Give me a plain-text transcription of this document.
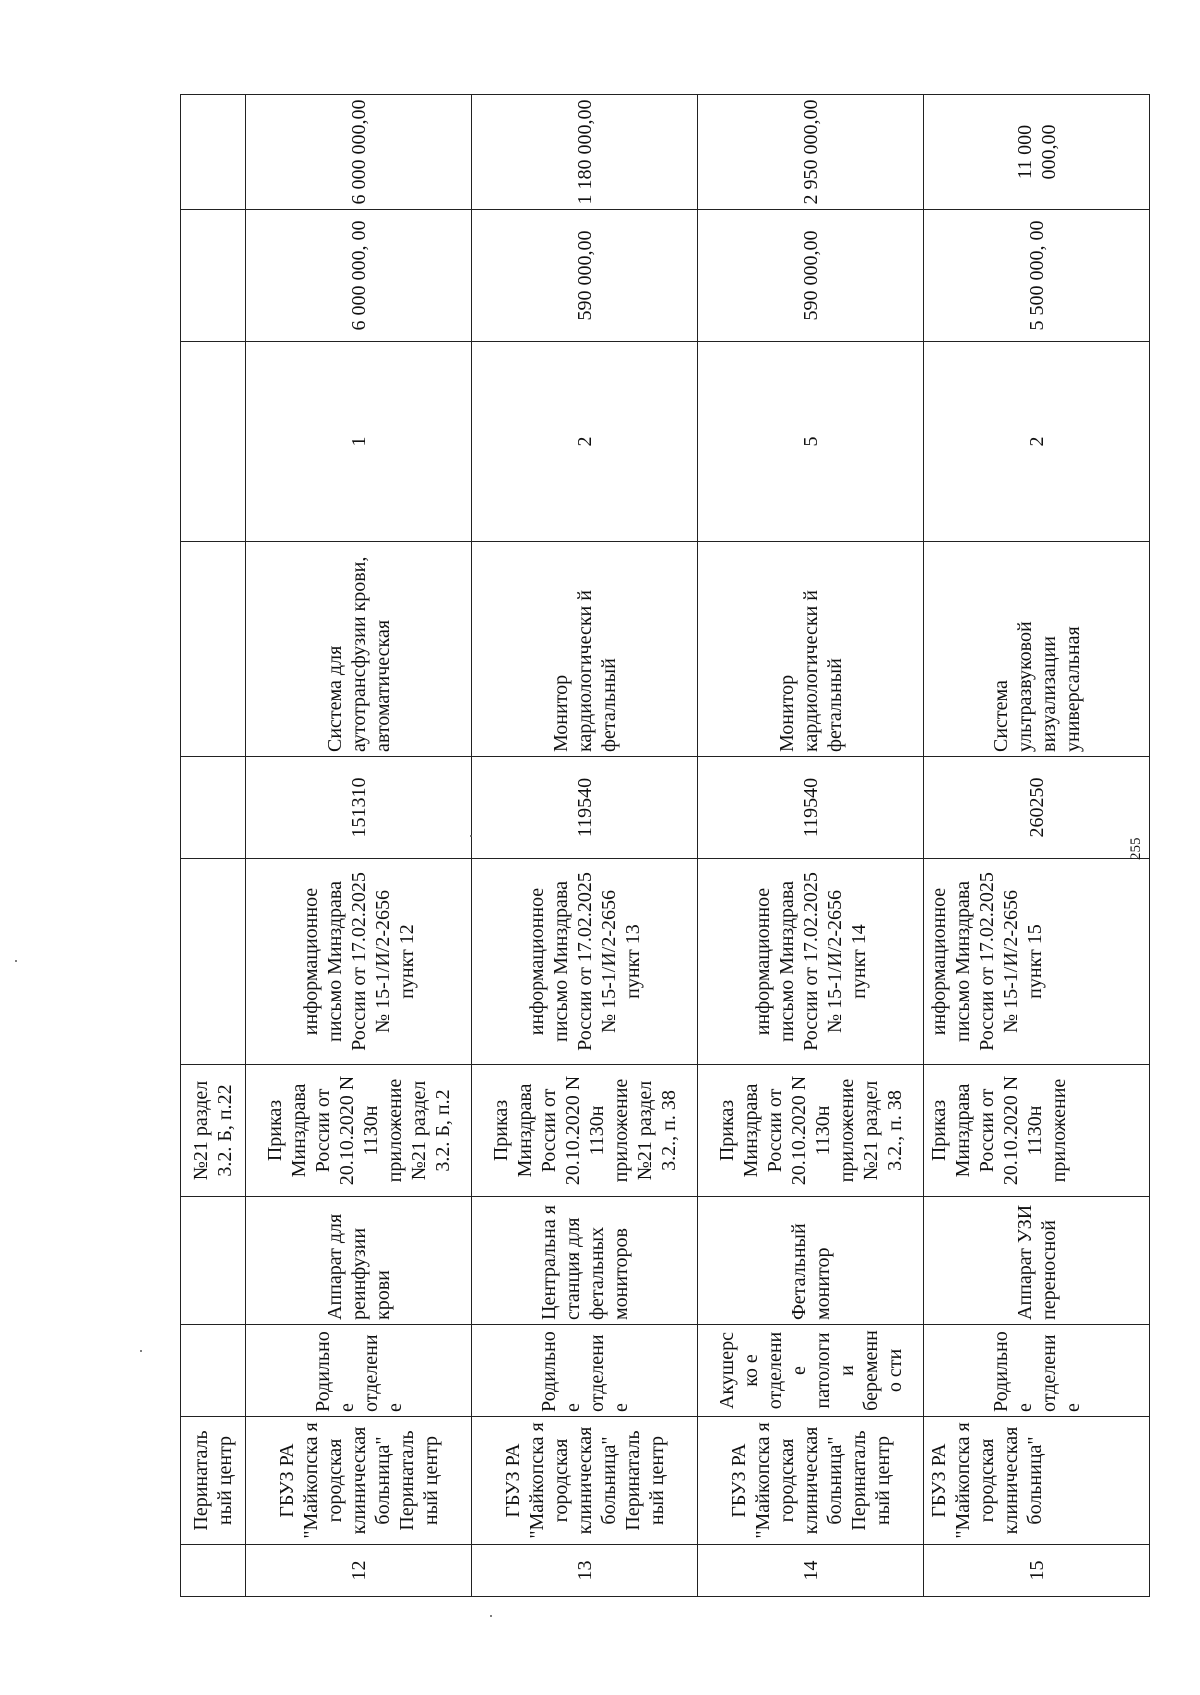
	Перинаталь ный центр			№21 раздел 3.2. Б, п.22						
12	ГБУЗ РА "Майкопска я городская клиническая больница" Перинаталь ный центр	Родильное отделение	Аппарат для реинфузии крови	Приказ Минздрава России от 20.10.2020 N 1130н приложение №21 раздел 3.2. Б, п.2	информационное письмо Минздрава России от 17.02.2025 № 15-1/И/2-2656 пункт 12	151310	Система для аутотрансфузии крови, автоматическая	1	6 000 000, 00	6 000 000,00
13	ГБУЗ РА "Майкопска я городская клиническая больница" Перинаталь ный центр	Родильное отделение	Центральна я станция для фетальных мониторов	Приказ Минздрава России от 20.10.2020 N 1130н приложение №21 раздел 3.2., п. 38	информационное письмо Минздрава России от 17.02.2025 № 15-1/И/2-2656 пункт 13	119540	Монитор кардиологически й фетальный	2	590 000,00	1 180 000,00
14	ГБУЗ РА "Майкопска я городская клиническая больница" Перинаталь ный центр	Акушерско е отделение патологии беременно сти	Фетальный монитор	Приказ Минздрава России от 20.10.2020 N 1130н приложение №21 раздел 3.2., п. 38	информационное письмо Минздрава России от 17.02.2025 № 15-1/И/2-2656 пункт 14	119540	Монитор кардиологически й фетальный	5	590 000,00	2 950 000,00
15	ГБУЗ РА "Майкопска я городская клиническая больница"	Родильное отделение	Аппарат УЗИ переносной	Приказ Минздрава России от 20.10.2020 N 1130н приложение	информационное письмо Минздрава России от 17.02.2025 № 15-1/И/2-2656 пункт 15	260250	Система ультразвуковой визуализации универсальная	2	5 500 000, 00	11 000 000,00
255
